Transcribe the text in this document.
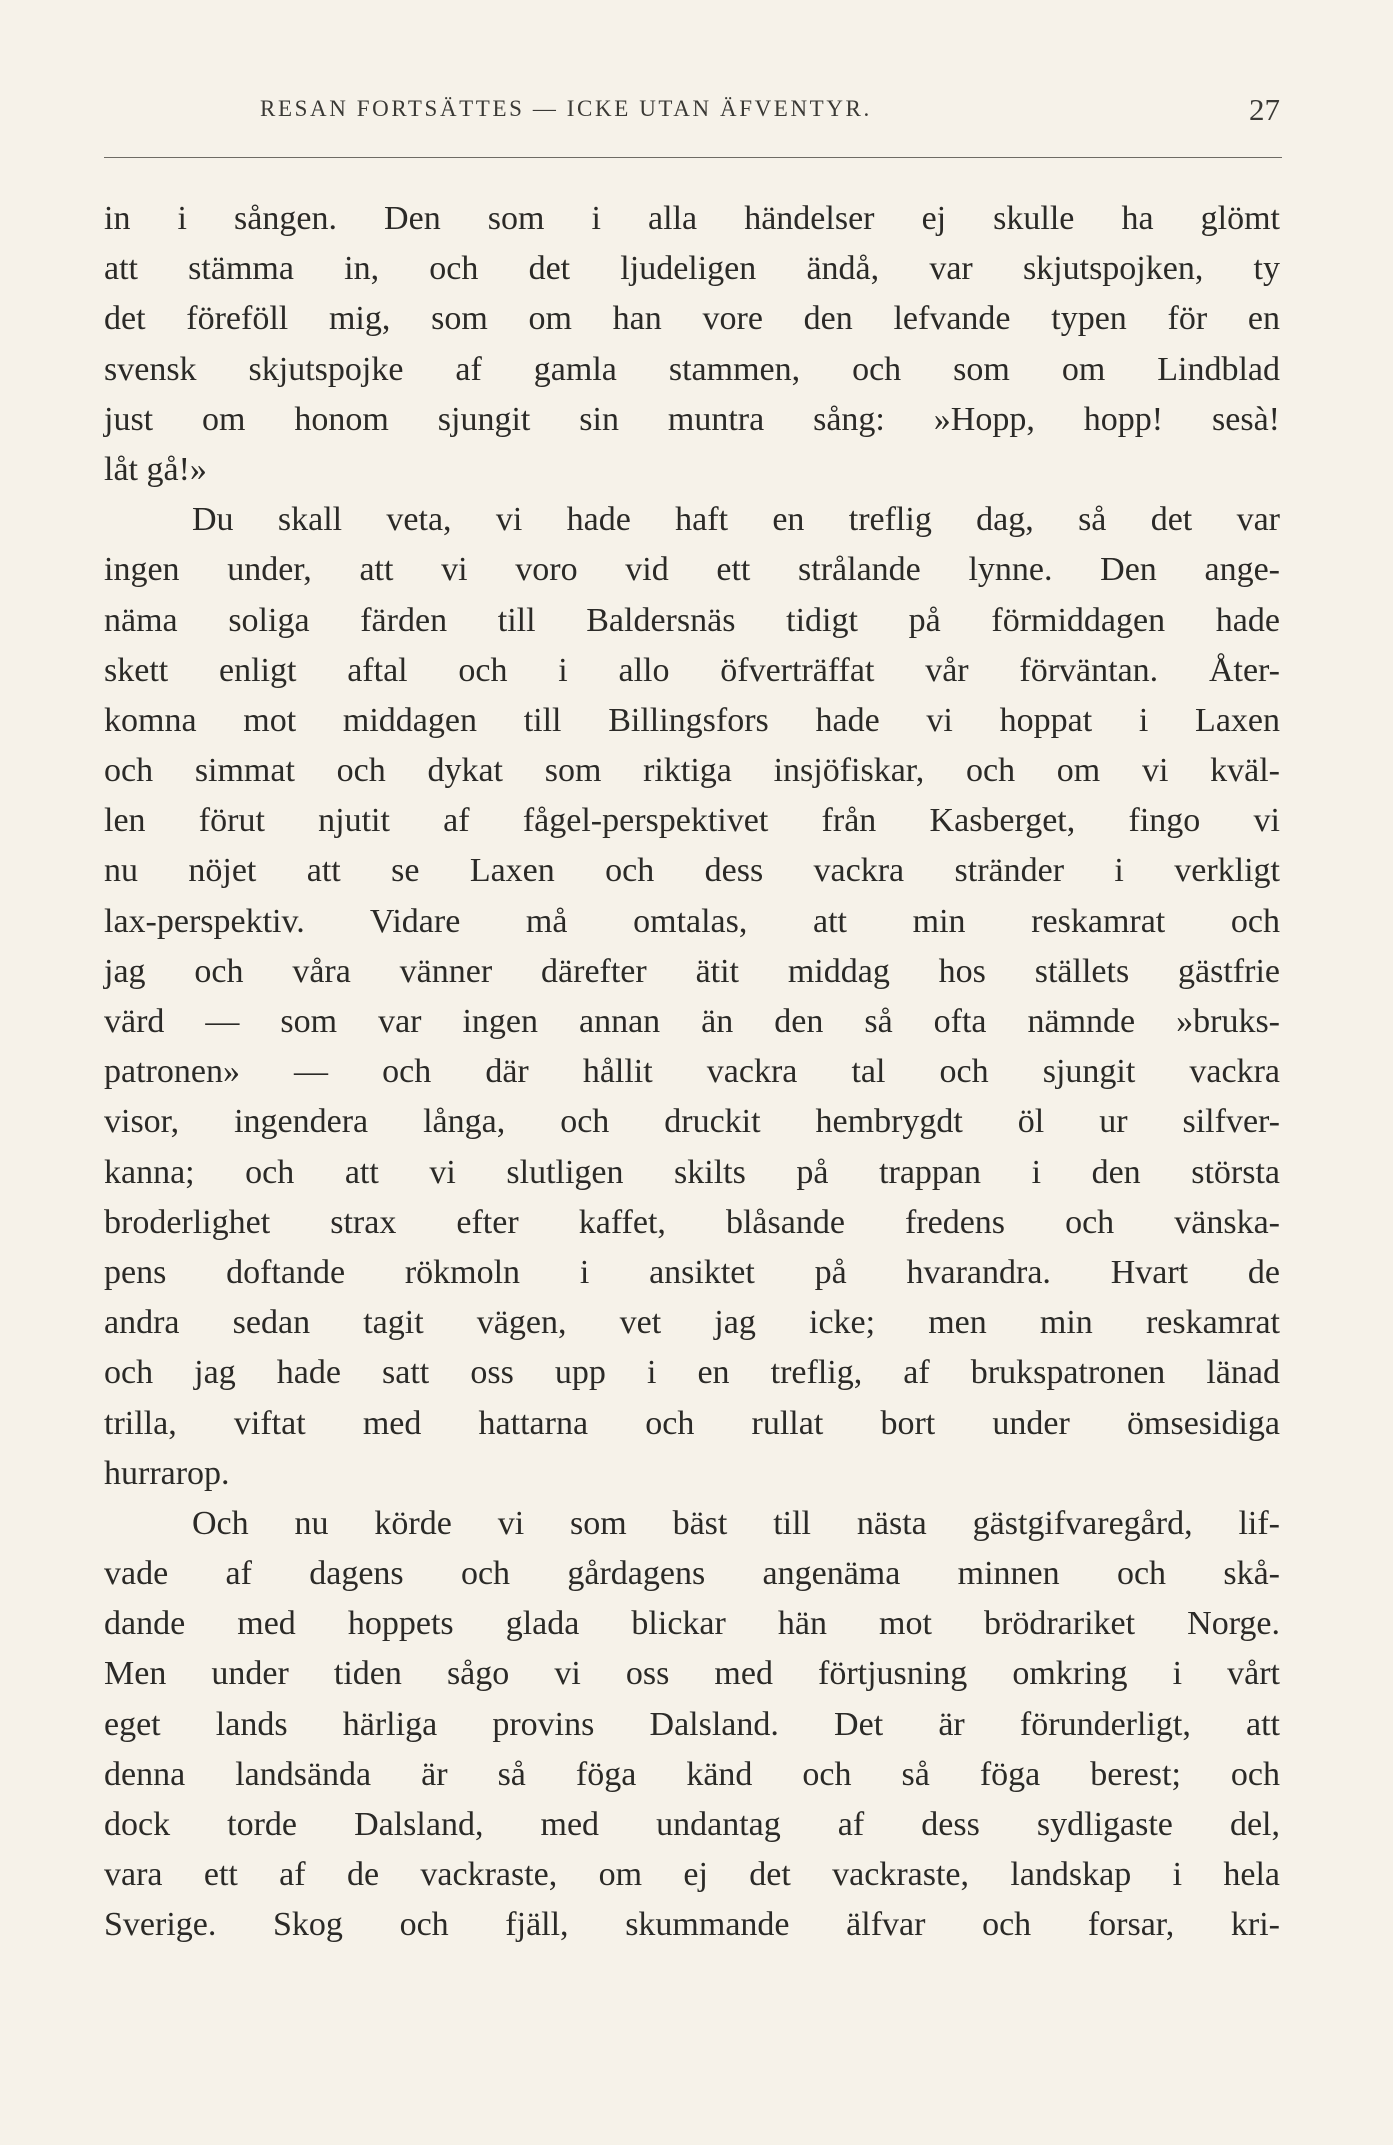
RESAN FORTSÄTTES — ICKE UTAN ÄFVENTYR.	27
in i sången. Den som i alla händelser ej skulle ha glömt
att stämma in, och det ljudeligen ändå, var skjutspojken, ty
det föreföll mig, som om han vore den lefvande typen för en
svensk skjutspojke af gamla stammen, och som om Lindblad
just om honom sjungit sin muntra sång: »Hopp, hopp! sesà!
låt gå!»
Du skall veta, vi hade haft en treflig dag, så det var
ingen under, att vi voro vid ett strålande lynne. Den ange-
näma soliga färden till Baldersnäs tidigt på förmiddagen hade
skett enligt aftal och i allo öfverträffat vår förväntan. Åter-
komna mot middagen till Billingsfors hade vi hoppat i Laxen
och simmat och dykat som riktiga insjöfiskar, och om vi kväl-
len förut njutit af fågel-perspektivet från Kasberget, fingo vi
nu nöjet att se Laxen och dess vackra stränder i verkligt
lax-perspektiv. Vidare må omtalas, att min reskamrat och
jag och våra vänner därefter ätit middag hos ställets gästfrie
värd — som var ingen annan än den så ofta nämnde »bruks-
patronen» — och där hållit vackra tal och sjungit vackra
visor, ingendera långa, och druckit hembrygdt öl ur silfver-
kanna; och att vi slutligen skilts på trappan i den största
broderlighet strax efter kaffet, blåsande fredens och vänska-
pens doftande rökmoln i ansiktet på hvarandra. Hvart de
andra sedan tagit vägen, vet jag icke; men min reskamrat
och jag hade satt oss upp i en treflig, af brukspatronen länad
trilla, viftat med hattarna och rullat bort under ömsesidiga
hurrarop.
Och nu körde vi som bäst till nästa gästgifvaregård, lif-
vade af dagens och gårdagens angenäma minnen och skå-
dande med hoppets glada blickar hän mot brödrariket Norge.
Men under tiden sågo vi oss med förtjusning omkring i vårt
eget lands härliga provins Dalsland. Det är förunderligt, att
denna landsända är så föga känd och så föga berest; och
dock torde Dalsland, med undantag af dess sydligaste del,
vara ett af de vackraste, om ej det vackraste, landskap i hela
Sverige. Skog och fjäll, skummande älfvar och forsar, kri-
